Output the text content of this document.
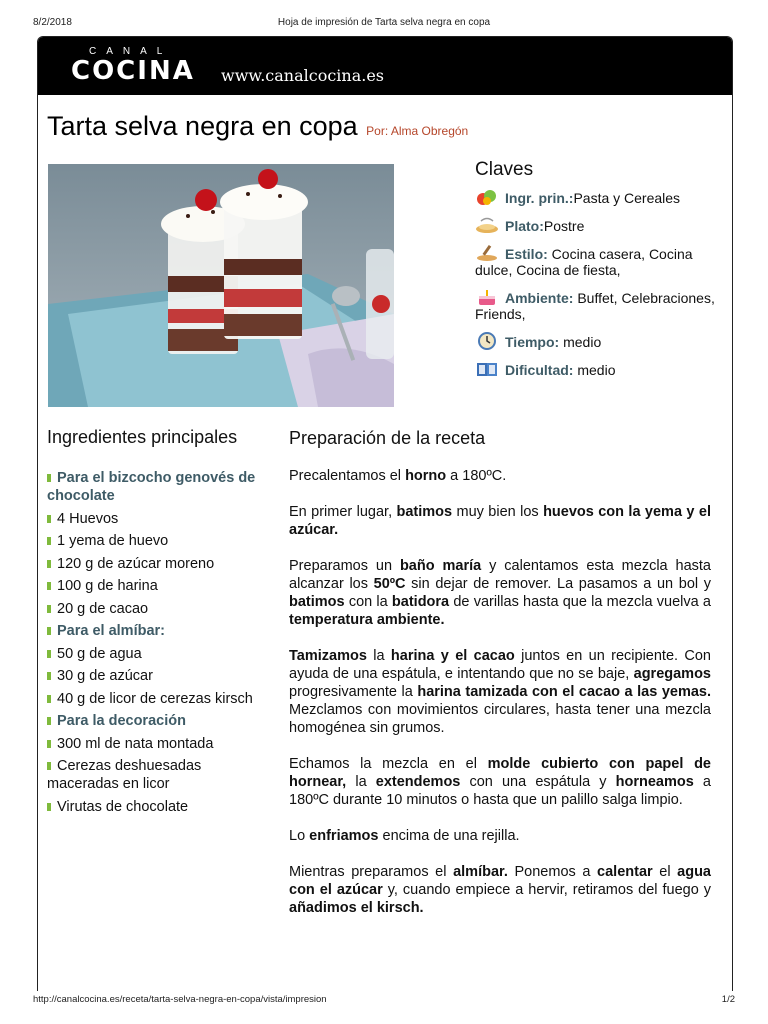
8/2/2018	Hoja de impresión de Tarta selva negra en copa
CANAL
COCINA www.canalcocina.es
Tarta selva negra en copa Por: Alma Obregón
Claves
Ingr. prin.:Pasta y Cereales
Plato:Postre
Estilo: Cocina casera, Cocina dulce, Cocina de fiesta,
Ambiente: Buffet, Celebraciones, Friends,
Tiempo: medio
Dificultad: medio
Ingredientes principales
Para el bizcocho genovés de chocolate
4 Huevos
1 yema de huevo
120 g de azúcar moreno
100 g de harina
20 g de cacao
Para el almíbar:
50 g de agua
30 g de azúcar
40 g de licor de cerezas kirsch
Para la decoración
300 ml de nata montada
Cerezas deshuesadas maceradas en licor
Virutas de chocolate
Preparación de la receta

Precalentamos el horno a 180ºC.

En primer lugar, batimos muy bien los huevos con la yema y el azúcar.

Preparamos un baño maría y calentamos esta mezcla hasta alcanzar los 50ºC sin dejar de remover. La pasamos a un bol y batimos con la batidora de varillas hasta que la mezcla vuelva a temperatura ambiente.

Tamizamos la harina y el cacao juntos en un recipiente. Con ayuda de una espátula, e intentando que no se baje, agregamos progresivamente la harina tamizada con el cacao a las yemas. Mezclamos con movimientos circulares, hasta tener una mezcla homogénea sin grumos.

Echamos la mezcla en el molde cubierto con papel de hornear, la extendemos con una espátula y horneamos a 180ºC durante 10 minutos o hasta que un palillo salga limpio.

Lo enfriamos encima de una rejilla.

Mientras preparamos el almíbar. Ponemos a calentar el agua con el azúcar y, cuando empiece a hervir, retiramos del fuego y añadimos el kirsch.

http://canalcocina.es/receta/tarta-selva-negra-en-copa/vista/impresion	1/2
